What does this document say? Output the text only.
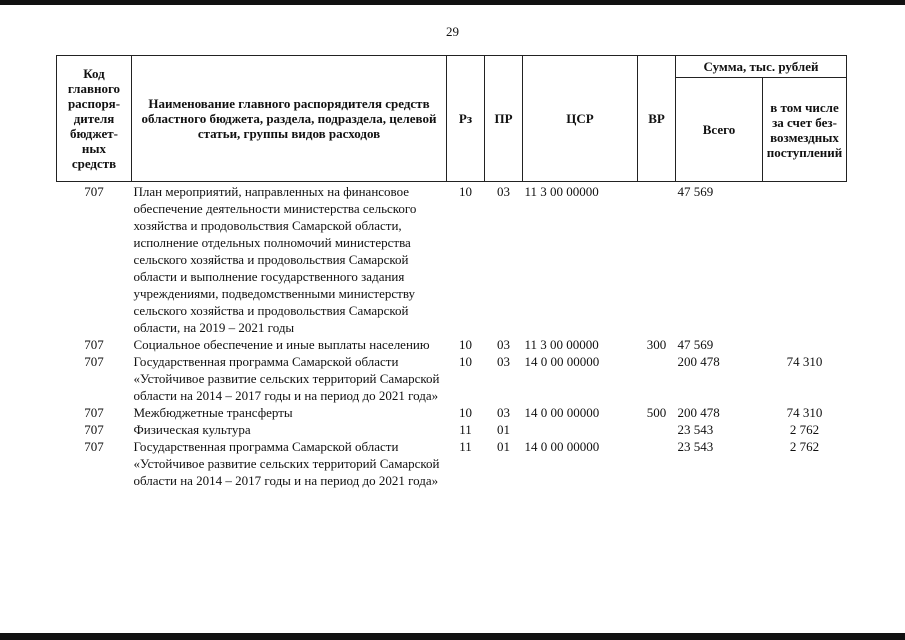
29
Код главного распоря-дителя бюджет-ных средств	Наименование главного распорядителя средств областного бюджета, раздела, подраздела, целевой статьи, группы видов расходов	Рз	ПР	ЦСР	ВР	Сумма, тыс. рублей	
						Всего	в том числе за счет без-возмездных поступлений
707	План мероприятий, направленных на финансовое обеспечение деятельности министерства сельского хозяйства и продовольствия Самарской области, исполнение отдельных полномочий министерства сельского хозяйства и продовольствия Самарской области и выполнение государственного задания учреждениями, подведомственными министерству сельского хозяйства и продовольствия Самарской области, на 2019 – 2021 годы	10	03	11 3 00 00000		47 569	
707	Социальное обеспечение и иные выплаты населению	10	03	11 3 00 00000	300	47 569	
707	Государственная программа Самарской области «Устойчивое развитие сельских территорий Самарской области на 2014 – 2017 годы и на период до 2021 года»	10	03	14 0 00 00000		200 478	74 310
707	Межбюджетные трансферты	10	03	14 0 00 00000	500	200 478	74 310
707	Физическая культура	11	01			23 543	2 762
707	Государственная программа Самарской области «Устойчивое развитие сельских территорий Самарской области на 2014 – 2017 годы и на период до 2021 года»	11	01	14 0 00 00000		23 543	2 762
